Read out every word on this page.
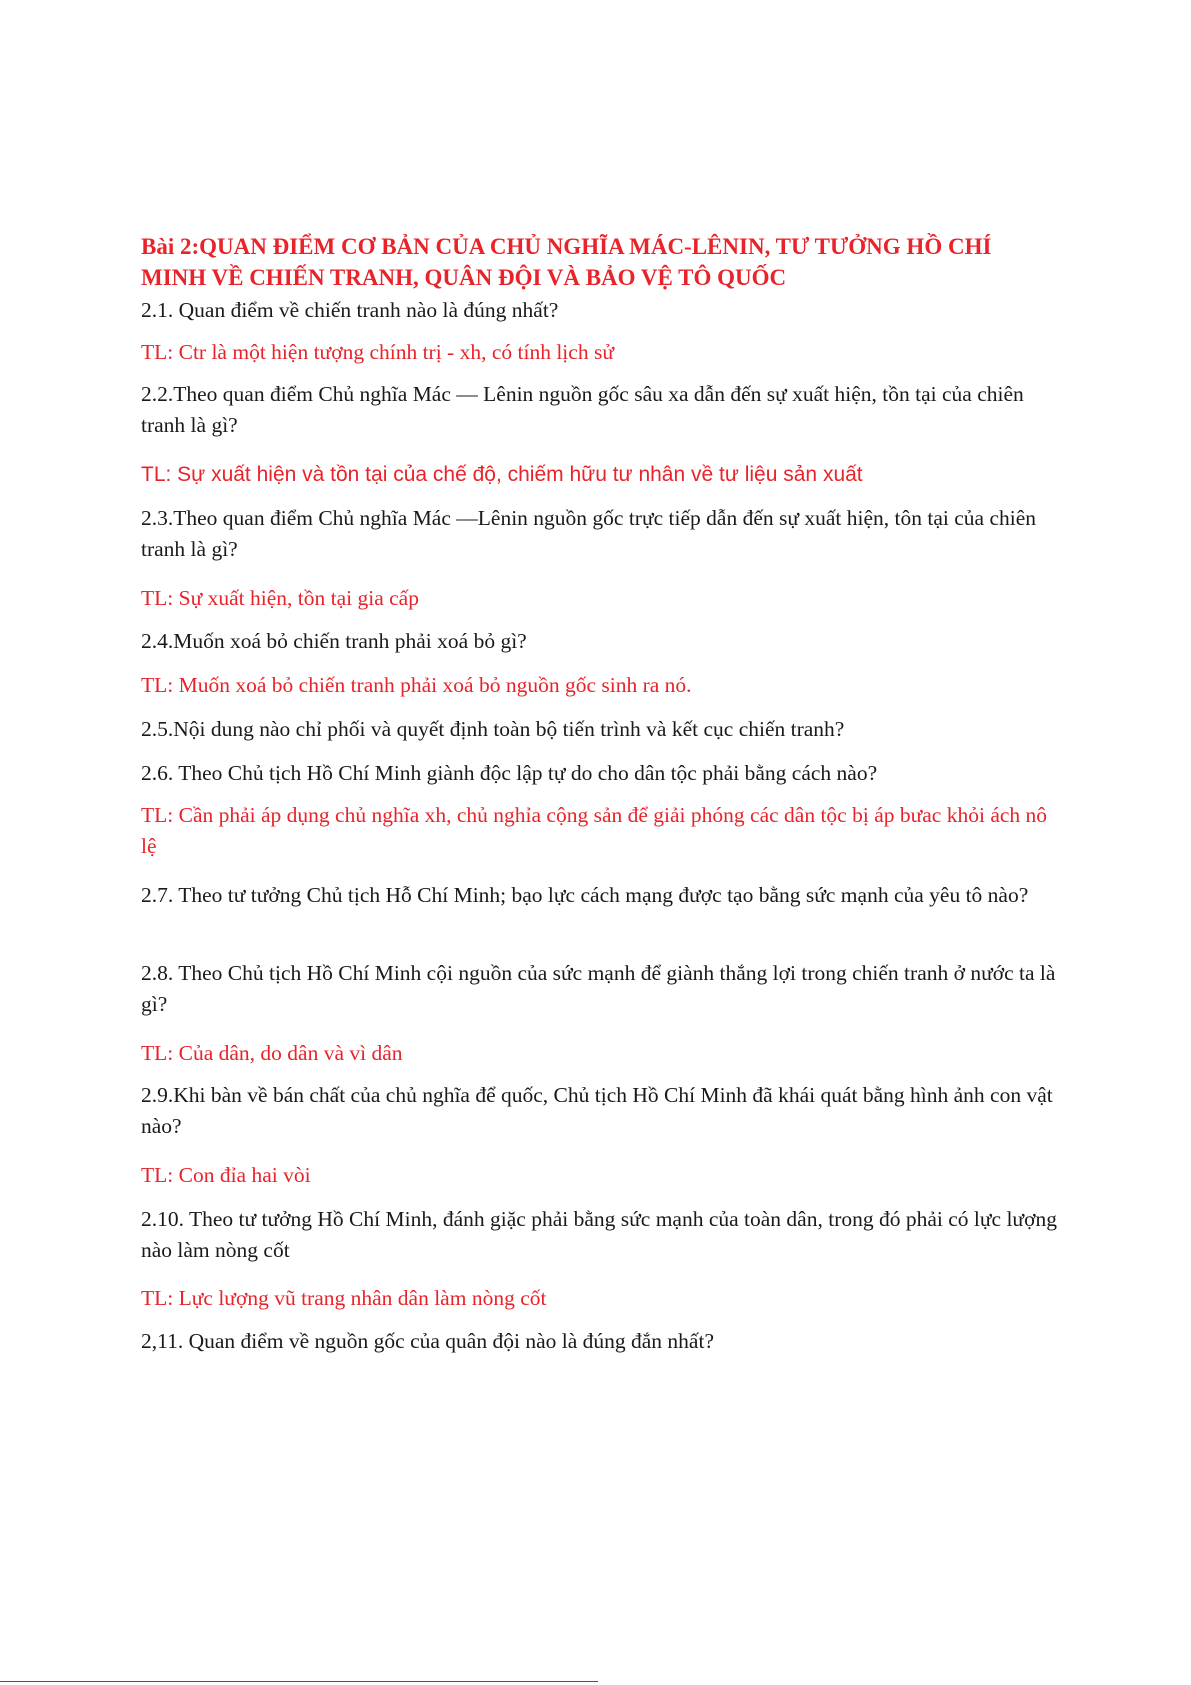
Bài 2:QUAN ĐIỂM CƠ BẢN CỦA CHỦ NGHĨA MÁC-LÊNIN, TƯ TƯỞNG HỒ CHÍ MINH VỀ CHIẾN TRANH, QUÂN ĐỘI VÀ BẢO VỆ TÔ QUỐC

2.1. Quan điểm về chiến tranh nào là đúng nhất?

TL: Ctr là một hiện tượng chính trị - xh, có tính lịch sử

2.2.Theo quan điểm Chủ nghĩa Mác — Lênin nguồn gốc sâu xa dẫn đến sự xuất hiện, tồn tại của chiên tranh là gì?

TL: Sự xuất hiện và tồn tại của chế độ, chiếm hữu tư nhân về tư liệu sản xuất

2.3.Theo quan điểm Chủ nghĩa Mác —Lênin nguồn gốc trực tiếp dẫn đến sự xuất hiện, tôn tại của chiên tranh là gì?

TL: Sự xuất hiện, tồn tại gia cấp

2.4.Muốn xoá bỏ chiến tranh phải xoá bỏ gì?

TL: Muốn xoá bỏ chiến tranh phải xoá bỏ nguồn gốc sinh ra nó.

2.5.Nội dung nào chỉ phối và quyết định toàn bộ tiến trình và kết cục chiến tranh?

2.6. Theo Chủ tịch Hồ Chí Minh giành độc lập tự do cho dân tộc phải bằng cách nào?

TL: Cần phải áp dụng chủ nghĩa xh, chủ nghỉa cộng sản để giải phóng các dân tộc bị áp bưac khỏi ách nô lệ

2.7. Theo tư tưởng Chủ tịch Hỗ Chí Minh; bạo lực cách mạng được tạo bằng sức mạnh của yêu tô nào?

2.8. Theo Chủ tịch Hồ Chí Minh cội nguồn của sức mạnh để giành thắng lợi trong chiến tranh ở nước ta là gì?

TL: Của dân, do dân và vì dân

2.9.Khi bàn về bán chất của chủ nghĩa để quốc, Chủ tịch Hồ Chí Minh đã khái quát bằng hình ảnh con vật nào?

TL: Con đỉa hai vòi

2.10. Theo tư tưởng Hồ Chí Minh, đánh giặc phải bằng sức mạnh của toàn dân, trong đó phải có lực lượng nào làm nòng cốt

TL: Lực lượng vũ trang nhân dân làm nòng cốt

2,11. Quan điểm về nguồn gốc của quân đội nào là đúng đắn nhất?
